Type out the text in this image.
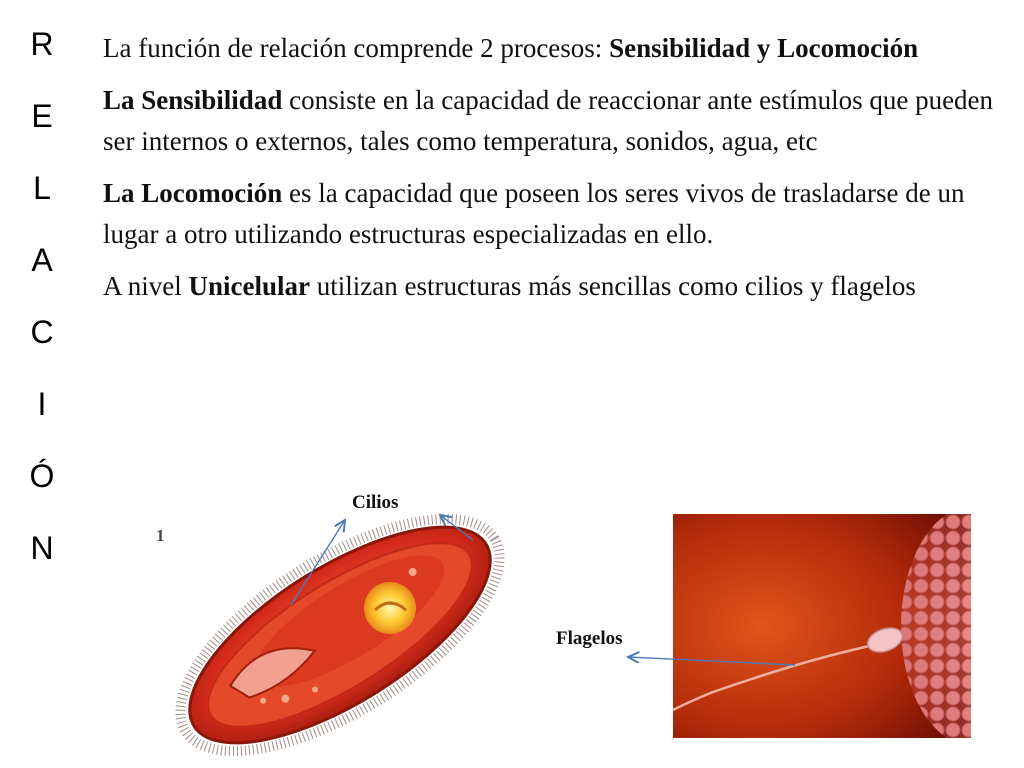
R
E
L
A
C
I
Ó
N

La función de relación comprende 2 procesos: Sensibilidad y Locomoción

La Sensibilidad consiste en la capacidad de reaccionar ante estímulos que pueden ser internos o externos, tales como temperatura, sonidos, agua, etc

La Locomoción es la capacidad que poseen los seres vivos de trasladarse de un lugar a otro utilizando estructuras especializadas en ello.

A nivel Unicelular utilizan estructuras más sencillas como cilios y flagelos

1
Cilios
Flagelos
